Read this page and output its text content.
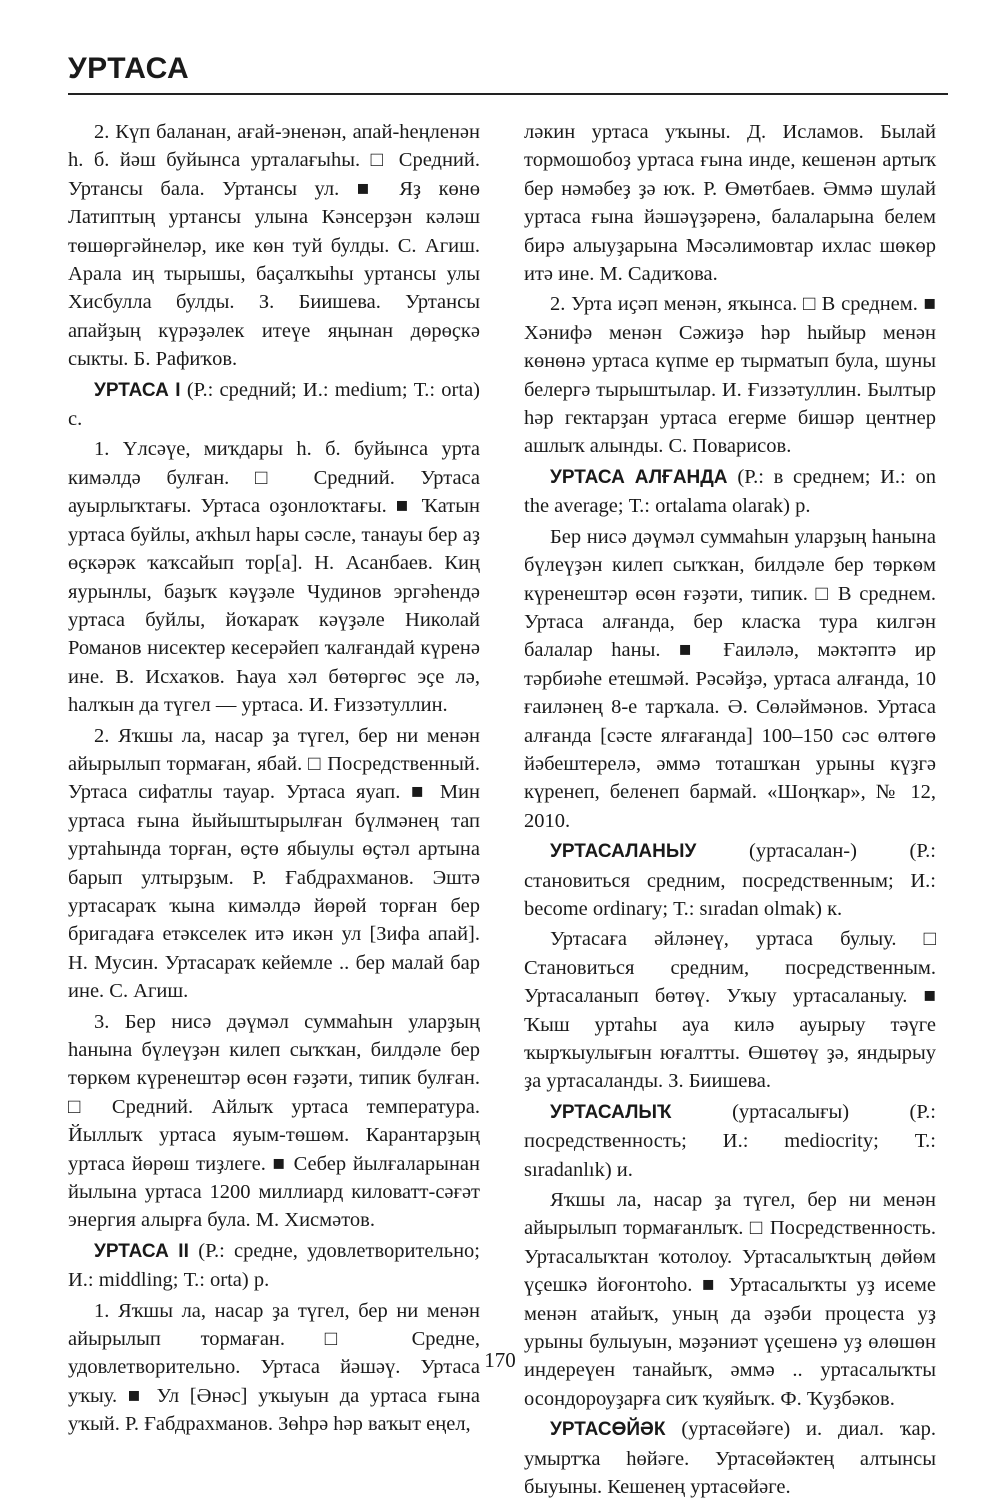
УРТАСА

2. Күп баланан, ағай-эненән, апай-һеңленән һ. б. йәш буйынса урталағыһы. □ Средний. Уртансы бала. Уртансы ул. ■ Яҙ көнө Латиптың уртансы улына Кәнсерҙән кәләш төшөргәйнеләр, ике көн туй булды. С. Агиш. Арала иң тырышы, баҫалҡыһы уртансы улы Хисбулла булды. З. Биишева. Уртансы апайҙың күрәҙәлек итеүе яңынан дөрөҫкә сыкты. Б. Рафиҡов.

УРТАСА I (Р.: средний; И.: medium; Т.: orta) с.

1. Үлсәүе, миҡдары һ. б. буйынса урта кимәлдә булған. □ Средний. Уртаса ауырлыҡтағы. Уртаса оҙонлоҡтағы. ■ Ҡатын уртаса буйлы, аҡһыл һары сәсле, танауы бер аҙ өҫкәрәк ҡаҡсайып тор[а]. Н. Асанбаев. Киң яурынлы, баҙыҡ кәүҙәле Чудинов эргәһендә уртаса буйлы, йоҡараҡ кәүҙәле Николай Романов нисектер кесерәйеп ҡалғандай күренә ине. В. Исхаҡов. Һауа хәл бөтөргөс эҫе лә, һалҡын да түгел — уртаса. И. Ғиззәтуллин.

2. Яҡшы ла, насар ҙа түгел, бер ни менән айырылып тормаған, ябай. □ Посредственный. Уртаса сифатлы тауар. Уртаса яуап. ■ Мин уртаса ғына йыйыштырылған бүлмәнең тап уртаһында торған, өҫтө ябыулы өҫтәл артына барып ултырҙым. Р. Ғабдрахманов. Эштә уртасараҡ ҡына кимәлдә йөрөй торған бер бригадаға етәкселек итә икән ул [Зифа апай]. Н. Мусин. Уртасараҡ кейемле .. бер малай бар ине. С. Агиш.

3. Бер нисә дәүмәл суммаһын уларҙың һанына бүлеүҙән килеп сыҡҡан, билдәле бер төркөм күренештәр өсөн ғәҙәти, типик булған. □ Средний. Айлыҡ уртаса температура. Йыллыҡ уртаса яуым-төшөм. Карантарҙың уртаса йөрөш тиҙлеге. ■ Себер йылғаларынан йылына уртаса 1200 миллиард киловатт-сәғәт энергия алырға була. М. Хисмәтов.

УРТАСА II (Р.: средне, удовлетворительно; И.: middling; Т.: orta) р.

1. Яҡшы ла, насар ҙа түгел, бер ни менән айырылып тормаған. □ Средне, удовлетворительно. Уртаса йәшәү. Уртаса уҡыу. ■ Ул [Әнәс] уҡыуын да уртаса ғына уҡый. Р. Ғабдрахманов. Зөһрә һәр ваҡыт еңел,

ләкин уртаса уҡыны. Д. Исламов. Былай тормошобоҙ уртаса ғына инде, кешенән артыҡ бер нәмәбеҙ ҙә юҡ. Р. Өмөтбаев. Әммә шулай уртаса ғына йәшәүҙәренә, балаларына белем бирә алыуҙарына Мәсәлимовтар ихлас шөкөр итә ине. М. Садиҡова.

2. Урта иҫәп менән, яҡынса. □ В среднем. ■ Хәнифә менән Сәжиҙә һәр һыйыр менән көнөнә уртаса күпме ер тырматып була, шуны белергә тырыштылар. И. Ғиззәтуллин. Былтыр һәр гектарҙан уртаса егерме бишәр центнер ашлыҡ алынды. С. Поварисов.

УРТАСА АЛҒАНДА (Р.: в среднем; И.: on the average; Т.: ortalama olarak) р.

Бер нисә дәүмәл суммаһын уларҙың һанына бүлеүҙән килеп сыҡҡан, билдәле бер төркөм күренештәр өсөн ғәҙәти, типик. □ В среднем. Уртаса алғанда, бер класҡа тура килгән балалар һаны. ■ Ғаиләлә, мәктәптә ир тәрбиәһе етешмәй. Рәсәйҙә, уртаса алғанда, 10 ғаиләнең 8-е тарҡала. Ә. Сөләймәнов. Уртаса алғанда [сәсте ялғағанда] 100–150 сәс өлтөгө йәбештерелә, әммә тоташҡан урыны күҙгә күренеп, беленеп бармай. «Шоңҡар», № 12, 2010.

УРТАСАЛАНЫУ (уртасалан-) (Р.: становиться средним, посредственным; И.: become ordinary; Т.: sıradan olmak) к.

Уртасаға әйләнеү, уртаса булыу. □ Становиться средним, посредственным. Уртасаланып бөтөү. Уҡыу уртасаланыу. ■ Ҡыш уртаһы ауа килә ауырыу тәүге ҡырҡыулығын юғалтты. Өшөтөү ҙә, яндырыу ҙа уртасаланды. З. Биишева.

УРТАСАЛЫҠ (уртасалығы) (Р.: посредственность; И.: mediocrity; Т.: sıradanlık) и.

Яҡшы ла, насар ҙа түгел, бер ни менән айырылып тормағанлыҡ. □ Посредственность. Уртасалыҡтан ҡотолоу. Уртасалыҡтың дөйөм үҫешкә йоғонтоһо. ■ Уртасалыҡты уҙ исеме менән атайыҡ, уның да әҙәби процеста уҙ урыны булыуын, мәҙәниәт үҫешенә уҙ өлөшөн индереүен танайыҡ, әммә .. уртасалыҡты осондороуҙарға сиҡ ҡуяйыҡ. Ф. Ҡуҙбәков.

УРТАСӨЙӘК (уртасөйәге) и. диал. ҡар. умыртҡа һөйәге. Уртасөйәктең алтынсы быуыны. Кешенең уртасөйәге.

170
